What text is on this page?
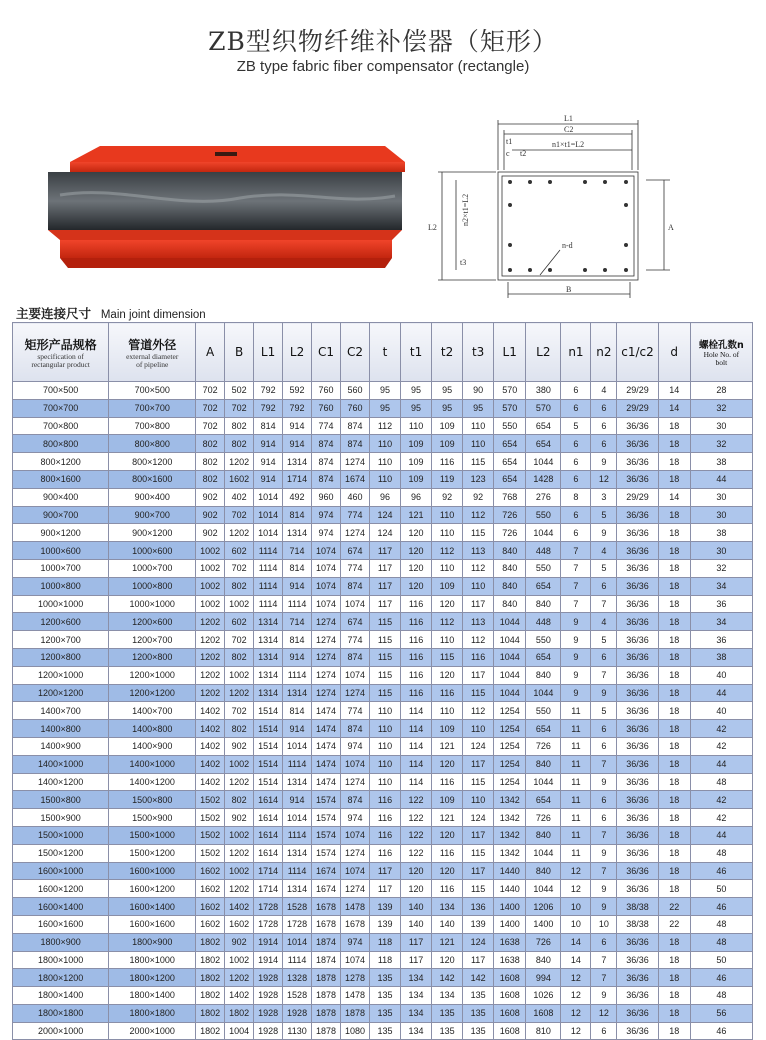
ZB型织物纤维补偿器（矩形）
ZB type fabric fiber compensator (rectangle)
L1
C2
t1
c t2
n1×t1=L2
L2
t3
n2×t1=L2
n-d
A
B
主要连接尺寸 Main joint dimension
矩形产品规格
specification of
rectangular product	管道外径
external diameter
of pipeline	A	B	L1	L2	C1	C2	t	t1	t2	t3	L1	L2	n1	n2	c1/c2	d	螺栓孔数n
Hole No. of
bolt

700×500	700×500	702	502	792	592	760	560	95	95	95	90	570	380	6	4	29/29	14	28
700×700	700×700	702	702	792	792	760	760	95	95	95	95	570	570	6	6	29/29	14	32
700×800	700×800	702	802	814	914	774	874	112	110	109	110	550	654	5	6	36/36	18	30
800×800	800×800	802	802	914	914	874	874	110	109	109	110	654	654	6	6	36/36	18	32
800×1200	800×1200	802	1202	914	1314	874	1274	110	109	116	115	654	1044	6	9	36/36	18	38
800×1600	800×1600	802	1602	914	1714	874	1674	110	109	119	123	654	1428	6	12	36/36	18	44
900×400	900×400	902	402	1014	492	960	460	96	96	92	92	768	276	8	3	29/29	14	30
900×700	900×700	902	702	1014	814	974	774	124	121	110	112	726	550	6	5	36/36	18	30
900×1200	900×1200	902	1202	1014	1314	974	1274	124	120	110	115	726	1044	6	9	36/36	18	38
1000×600	1000×600	1002	602	1114	714	1074	674	117	120	112	113	840	448	7	4	36/36	18	30
1000×700	1000×700	1002	702	1114	814	1074	774	117	120	110	112	840	550	7	5	36/36	18	32
1000×800	1000×800	1002	802	1114	914	1074	874	117	120	109	110	840	654	7	6	36/36	18	34
1000×1000	1000×1000	1002	1002	1114	1114	1074	1074	117	116	120	117	840	840	7	7	36/36	18	36
1200×600	1200×600	1202	602	1314	714	1274	674	115	116	112	113	1044	448	9	4	36/36	18	34
1200×700	1200×700	1202	702	1314	814	1274	774	115	116	110	112	1044	550	9	5	36/36	18	36
1200×800	1200×800	1202	802	1314	914	1274	874	115	116	115	116	1044	654	9	6	36/36	18	38
1200×1000	1200×1000	1202	1002	1314	1114	1274	1074	115	116	120	117	1044	840	9	7	36/36	18	40
1200×1200	1200×1200	1202	1202	1314	1314	1274	1274	115	116	116	115	1044	1044	9	9	36/36	18	44
1400×700	1400×700	1402	702	1514	814	1474	774	110	114	110	112	1254	550	11	5	36/36	18	40
1400×800	1400×800	1402	802	1514	914	1474	874	110	114	109	110	1254	654	11	6	36/36	18	42
1400×900	1400×900	1402	902	1514	1014	1474	974	110	114	121	124	1254	726	11	6	36/36	18	42
1400×1000	1400×1000	1402	1002	1514	1114	1474	1074	110	114	120	117	1254	840	11	7	36/36	18	44
1400×1200	1400×1200	1402	1202	1514	1314	1474	1274	110	114	116	115	1254	1044	11	9	36/36	18	48
1500×800	1500×800	1502	802	1614	914	1574	874	116	122	109	110	1342	654	11	6	36/36	18	42
1500×900	1500×900	1502	902	1614	1014	1574	974	116	122	121	124	1342	726	11	6	36/36	18	42
1500×1000	1500×1000	1502	1002	1614	1114	1574	1074	116	122	120	117	1342	840	11	7	36/36	18	44
1500×1200	1500×1200	1502	1202	1614	1314	1574	1274	116	122	116	115	1342	1044	11	9	36/36	18	48
1600×1000	1600×1000	1602	1002	1714	1114	1674	1074	117	120	120	117	1440	840	12	7	36/36	18	46
1600×1200	1600×1200	1602	1202	1714	1314	1674	1274	117	120	116	115	1440	1044	12	9	36/36	18	50
1600×1400	1600×1400	1602	1402	1728	1528	1678	1478	139	140	134	136	1400	1206	10	9	38/38	22	46
1600×1600	1600×1600	1602	1602	1728	1728	1678	1678	139	140	140	139	1400	1400	10	10	38/38	22	48
1800×900	1800×900	1802	902	1914	1014	1874	974	118	117	121	124	1638	726	14	6	36/36	18	48
1800×1000	1800×1000	1802	1002	1914	1114	1874	1074	118	117	120	117	1638	840	14	7	36/36	18	50
1800×1200	1800×1200	1802	1202	1928	1328	1878	1278	135	134	142	142	1608	994	12	7	36/36	18	46
1800×1400	1800×1400	1802	1402	1928	1528	1878	1478	135	134	134	135	1608	1026	12	9	36/36	18	48
1800×1800	1800×1800	1802	1802	1928	1928	1878	1878	135	134	135	135	1608	1608	12	12	36/36	18	56
2000×1000	2000×1000	1802	1004	1928	1130	1878	1080	135	134	135	135	1608	810	12	6	36/36	18	46
